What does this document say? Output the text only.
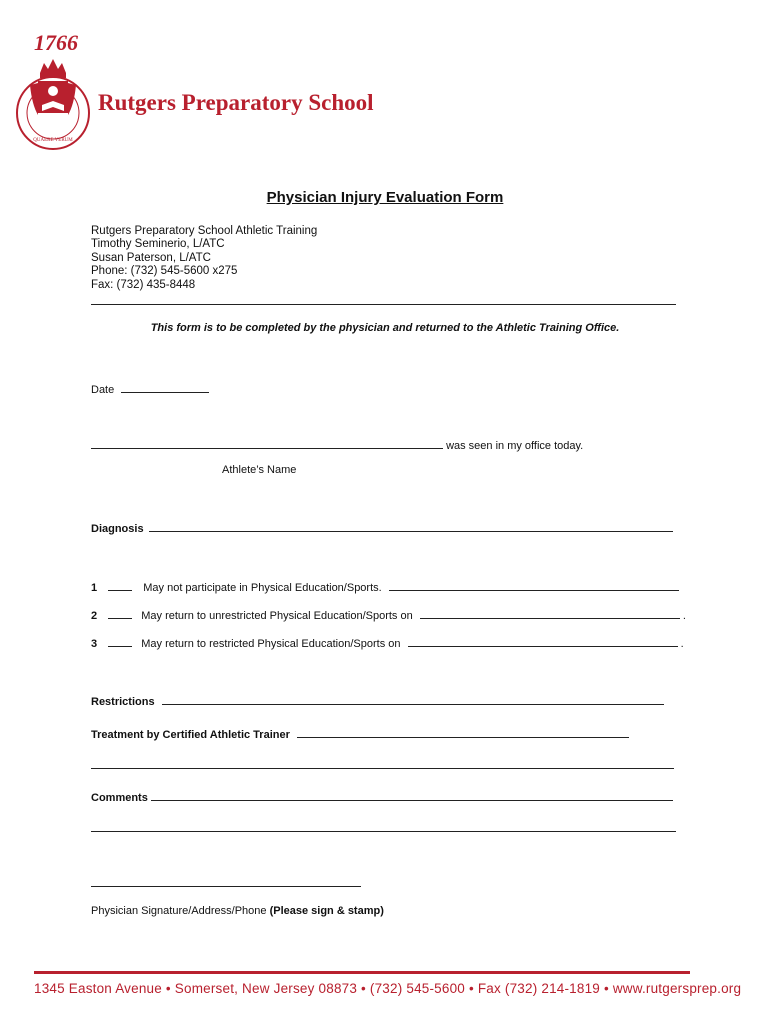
1766
QUAERE VERUM
Rutgers Preparatory School
Physician Injury Evaluation Form
Rutgers Preparatory School Athletic Training
Timothy Seminerio, L/ATC
Susan Paterson, L/ATC
Phone: (732) 545-5600 x275
Fax: (732) 435-8448
This form is to be completed by the physician and returned to the Athletic Training Office.
Date
was seen in my office today.
Athlete’s Name
Diagnosis
1	May not participate in Physical Education/Sports.
2	May return to unrestricted Physical Education/Sports on	.
3	May return to restricted Physical Education/Sports on	.
Restrictions
Treatment by Certified Athletic Trainer
Comments
Physician Signature/Address/Phone (Please sign & stamp)
1345 Easton Avenue • Somerset, New Jersey 08873 • (732) 545-5600 • Fax (732) 214-1819 • www.rutgersprep.org
